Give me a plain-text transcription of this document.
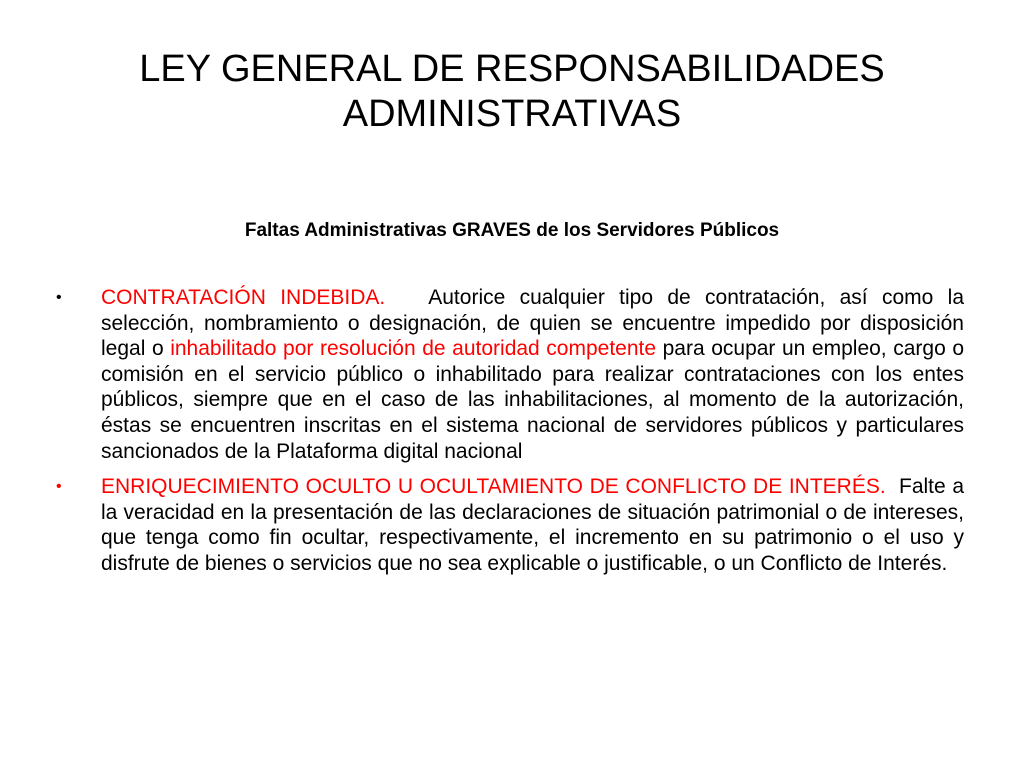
LEY GENERAL DE RESPONSABILIDADES
ADMINISTRATIVAS
Faltas Administrativas GRAVES de los Servidores Públicos
•	CONTRATACIÓN INDEBIDA. Autorice cualquier tipo de contratación, así como la selección, nombramiento o designación, de quien se encuentre impedido por disposición legal o inhabilitado por resolución de autoridad competente para ocupar un empleo, cargo o comisión en el servicio público o inhabilitado para realizar contrataciones con los entes públicos, siempre que en el caso de las inhabilitaciones, al momento de la autorización, éstas se encuentren inscritas en el sistema nacional de servidores públicos y particulares sancionados de la Plataforma digital nacional
•	ENRIQUECIMIENTO OCULTO U OCULTAMIENTO DE CONFLICTO DE INTERÉS. Falte a la veracidad en la presentación de las declaraciones de situación patrimonial o de intereses, que tenga como fin ocultar, respectivamente, el incremento en su patrimonio o el uso y disfrute de bienes o servicios que no sea explicable o justificable, o un Conflicto de Interés.
